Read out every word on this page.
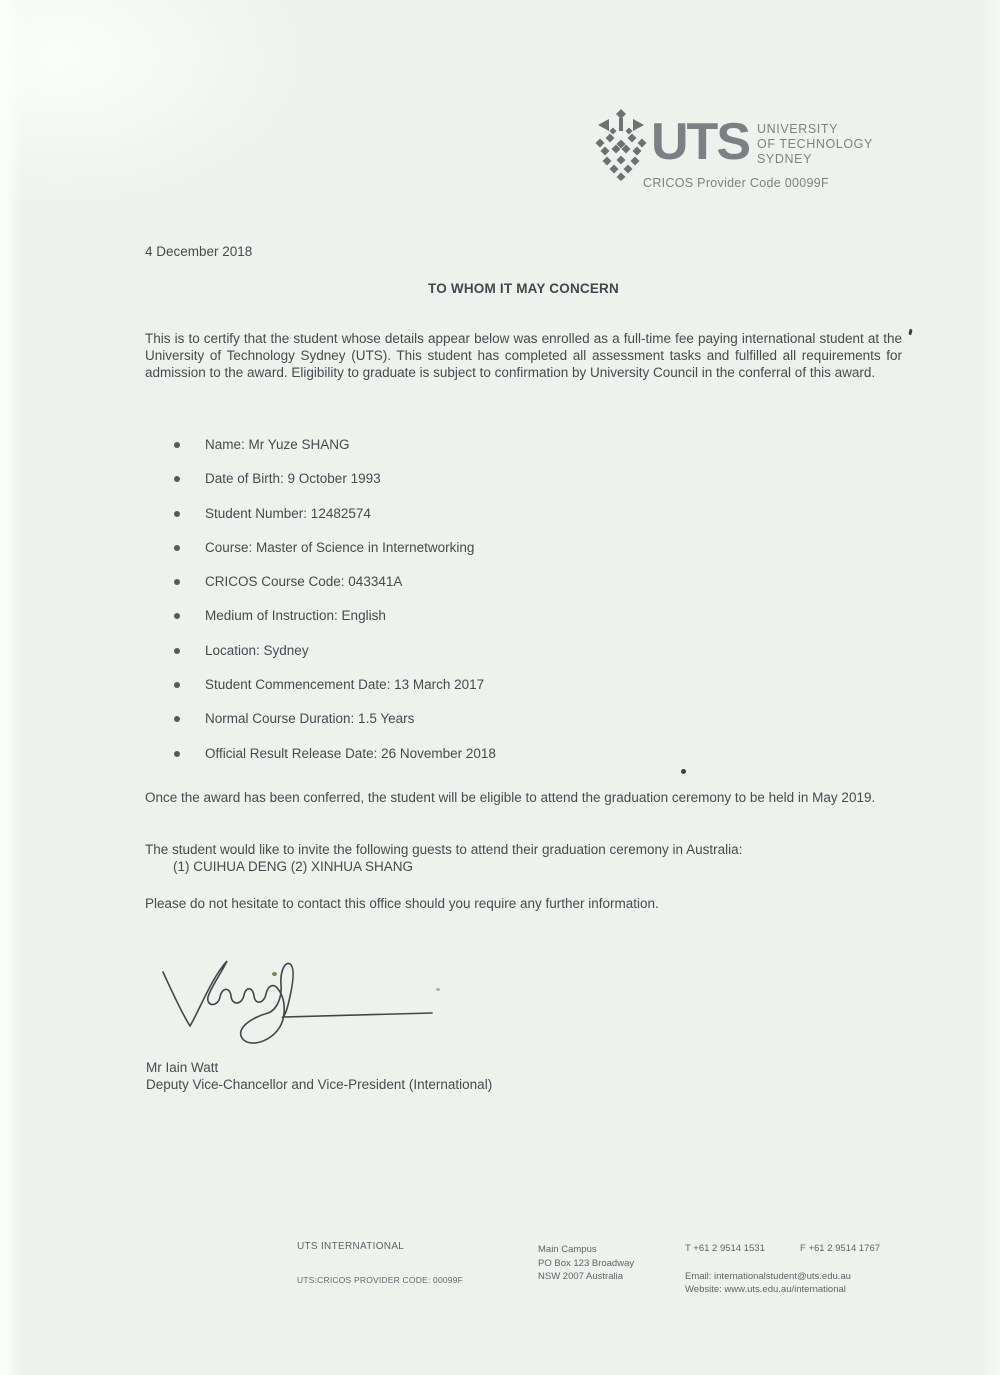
UTS UNIVERSITY
OF TECHNOLOGY
SYDNEY
CRICOS Provider Code 00099F
4 December 2018
TO WHOM IT MAY CONCERN
This is to certify that the student whose details appear below was enrolled as a full-time fee paying international student at the University of Technology Sydney (UTS). This student has completed all assessment tasks and fulfilled all requirements for admission to the award. Eligibility to graduate is subject to confirmation by University Council in the conferral of this award.
Name: Mr Yuze SHANG
Date of Birth: 9 October 1993
Student Number: 12482574
Course: Master of Science in Internetworking
CRICOS Course Code: 043341A
Medium of Instruction: English
Location: Sydney
Student Commencement Date: 13 March 2017
Normal Course Duration: 1.5 Years
Official Result Release Date: 26 November 2018
Once the award has been conferred, the student will be eligible to attend the graduation ceremony to be held in May 2019.
The student would like to invite the following guests to attend their graduation ceremony in Australia:
(1) CUIHUA DENG (2) XINHUA SHANG
Please do not hesitate to contact this office should you require any further information.
Mr Iain Watt
Deputy Vice-Chancellor and Vice-President (International)
UTS INTERNATIONAL
UTS:CRICOS PROVIDER CODE: 00099F
Main Campus
PO Box 123 Broadway
NSW 2007 Australia
T +61 2 9514 1531	F +61 2 9514 1767
Email: internationalstudent@uts.edu.au
Website: www.uts.edu.au/international
